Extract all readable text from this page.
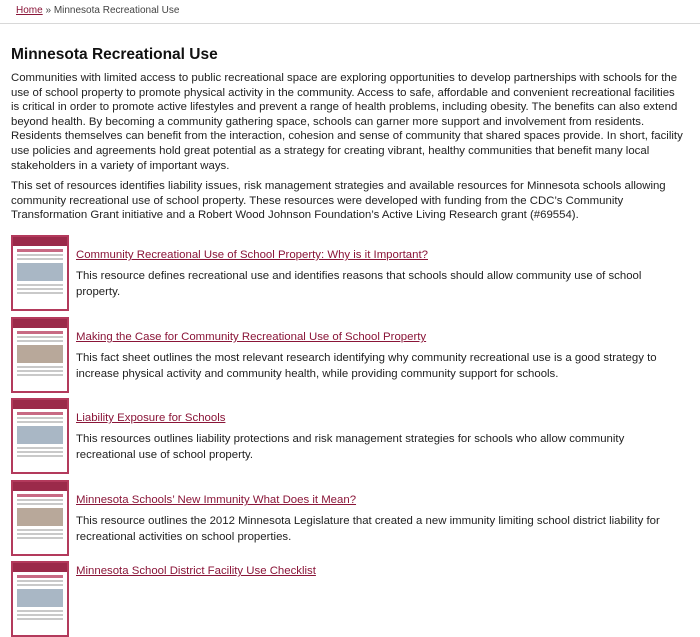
Home » Minnesota Recreational Use
Minnesota Recreational Use

Communities with limited access to public recreational space are exploring opportunities to develop partnerships with schools for the use of school property to promote physical activity in the community. Access to safe, affordable and convenient recreational facilities is critical in order to promote active lifestyles and prevent a range of health problems, including obesity. The benefits can also extend beyond health. By becoming a community gathering space, schools can garner more support and involvement from residents. Residents themselves can benefit from the interaction, cohesion and sense of community that shared spaces provide. In short, facility use policies and agreements hold great potential as a strategy for creating vibrant, healthy communities that benefit many local stakeholders in a variety of important ways.

This set of resources identifies liability issues, risk management strategies and available resources for Minnesota schools allowing community recreational use of school property. These resources were developed with funding from the CDC’s Community Transformation Grant initiative and a Robert Wood Johnson Foundation’s Active Living Research grant (#69554).

Community Recreational Use of School Property: Why is it Important?
This resource defines recreational use and identifies reasons that schools should allow community use of school property.
Making the Case for Community Recreational Use of School Property
This fact sheet outlines the most relevant research identifying why community recreational use is a good strategy to increase physical activity and community health, while providing community support for schools.
Liability Exposure for Schools
This resources outlines liability protections and risk management strategies for schools who allow community recreational use of school property.
Minnesota Schools’ New Immunity What Does it Mean?
This resource outlines the 2012 Minnesota Legislature that created a new immunity limiting school district liability for recreational activities on school properties.
Minnesota School District Facility Use Checklist
